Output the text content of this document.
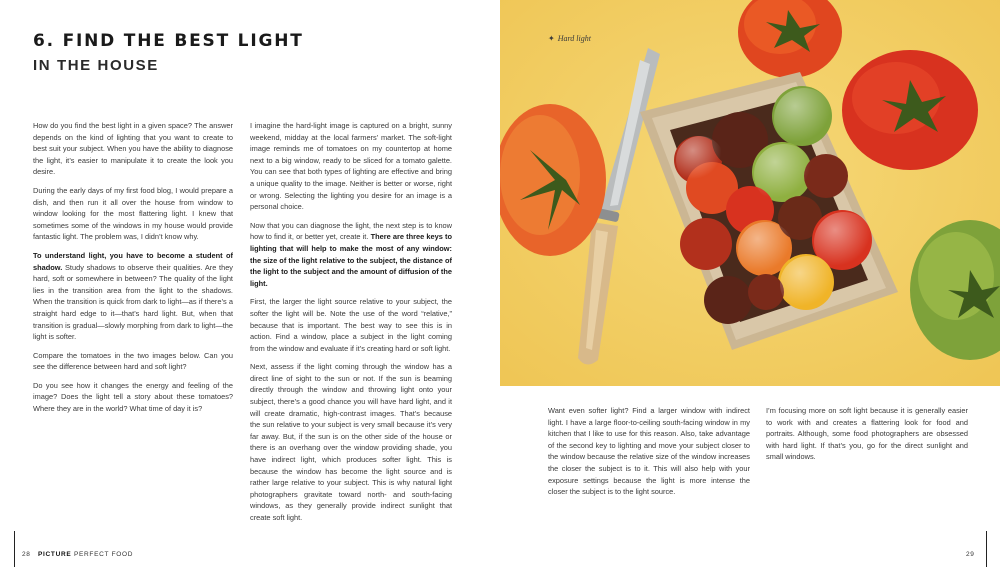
6. FIND THE BEST LIGHT
IN THE HOUSE

How do you find the best light in a given space? The answer depends on the kind of lighting that you want to create to best suit your subject. When you have the ability to diagnose the light, it’s easier to manipulate it to create the look you desire.

During the early days of my first food blog, I would prepare a dish, and then run it all over the house from window to window looking for the most flattering light. I knew that sometimes some of the windows in my house would provide fantastic light. The problem was, I didn’t know why.

To understand light, you have to become a student of shadow. Study shadows to observe their qualities. Are they hard, soft or somewhere in between? The quality of the light lies in the transition area from the light to the shadows. When the transition is quick from dark to light—as if there’s a straight hard edge to it—that’s hard light. But, when that transition is gradual—slowly morphing from dark to light—the light is softer.

Compare the tomatoes in the two images below. Can you see the difference between hard and soft light?

Do you see how it changes the energy and feeling of the image? Does the light tell a story about these tomatoes? Where they are in the world? What time of day it is?

I imagine the hard-light image is captured on a bright, sunny weekend, midday at the local farmers’ market. The soft-light image reminds me of tomatoes on my countertop at home next to a big window, ready to be sliced for a tomato galette. You can see that both types of lighting are effective and bring a unique quality to the image. Neither is better or worse, right or wrong. Selecting the lighting you desire for an image is a personal choice.

Now that you can diagnose the light, the next step is to know how to find it, or better yet, create it. There are three keys to lighting that will help to make the most of any window: the size of the light relative to the subject, the distance of the light to the subject and the amount of diffusion of the light.

First, the larger the light source relative to your subject, the softer the light will be. Note the use of the word “relative,” because that is important. The best way to see this is in action. Find a window, place a subject in the light coming from the window and evaluate if it’s creating hard or soft light.

Next, assess if the light coming through the window has a direct line of sight to the sun or not. If the sun is beaming directly through the window and throwing light onto your subject, there’s a good chance you will have hard light, and it will create dramatic, high-contrast images. That’s because the sun relative to your subject is very small because it’s very far away. But, if the sun is on the other side of the house or there is an overhang over the window providing shade, you have indirect light, which produces softer light. This is because the window has become the light source and is rather large relative to your subject. This is why natural light photographers gravitate toward north- and south-facing windows, as they generally provide indirect sunlight that create soft light.

28 PICTURE PERFECT FOOD
✦ Hard light

Want even softer light? Find a larger window with indirect light. I have a large floor-to-ceiling south-facing window in my kitchen that I like to use for this reason. Also, take advantage of the second key to lighting and move your subject closer to the window because the relative size of the window increases the closer the subject is to it. This will also help with your exposure settings because the light is more intense the closer the subject is to the light source.

I’m focusing more on soft light because it is generally easier to work with and creates a flattering look for food and portraits. Although, some food photographers are obsessed with hard light. If that’s you, go for the direct sunlight and small windows.

29
